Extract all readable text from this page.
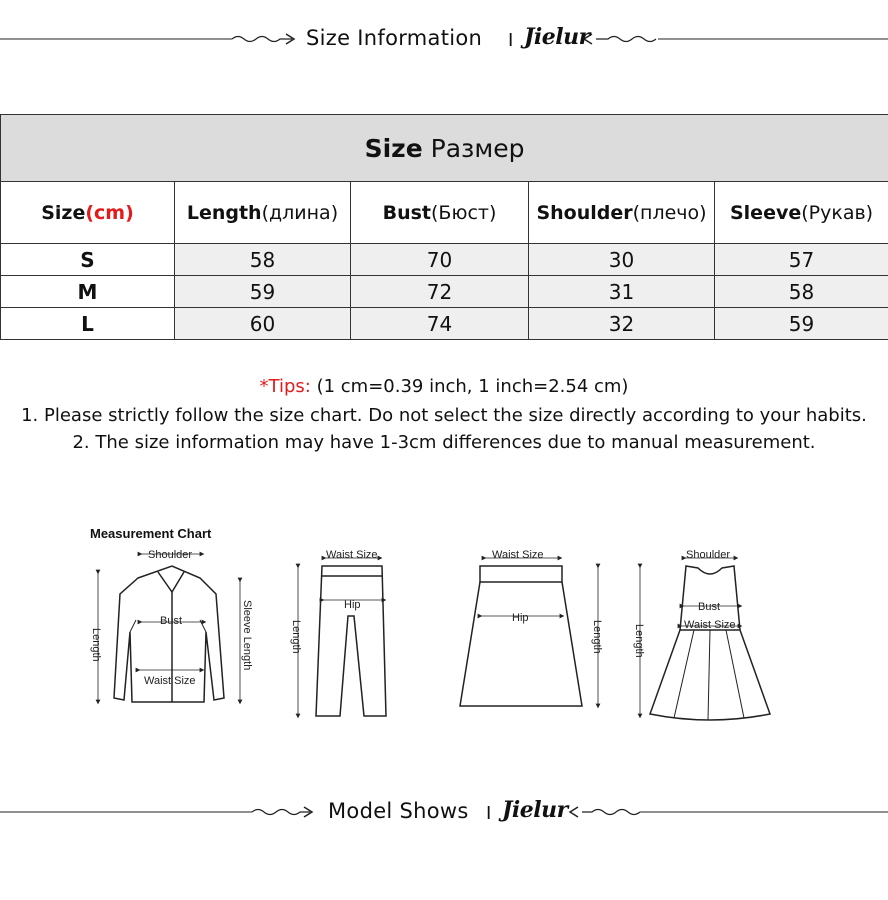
Size Information I Jielur
Size Размер				
Size(cm)	Length(длина)	Bust(Бюст)	Shoulder(плечо)	Sleeve(Рукав)
S	58	70	30	57
M	59	72	31	58
L	60	74	32	59
*Tips: (1 cm=0.39 inch, 1 inch=2.54 cm)
1. Please strictly follow the size chart. Do not select the size directly according to your habits.
2. The size information may have 1-3cm differences due to manual measurement.
Measurement Chart
Shoulder
Bust
Waist Size
Length	Sleeve Length
Waist Size
Hip
Length
Waist Size
Hip
Length
Shoulder
Bust
Waist Size
Length
Model Shows I Jielur
